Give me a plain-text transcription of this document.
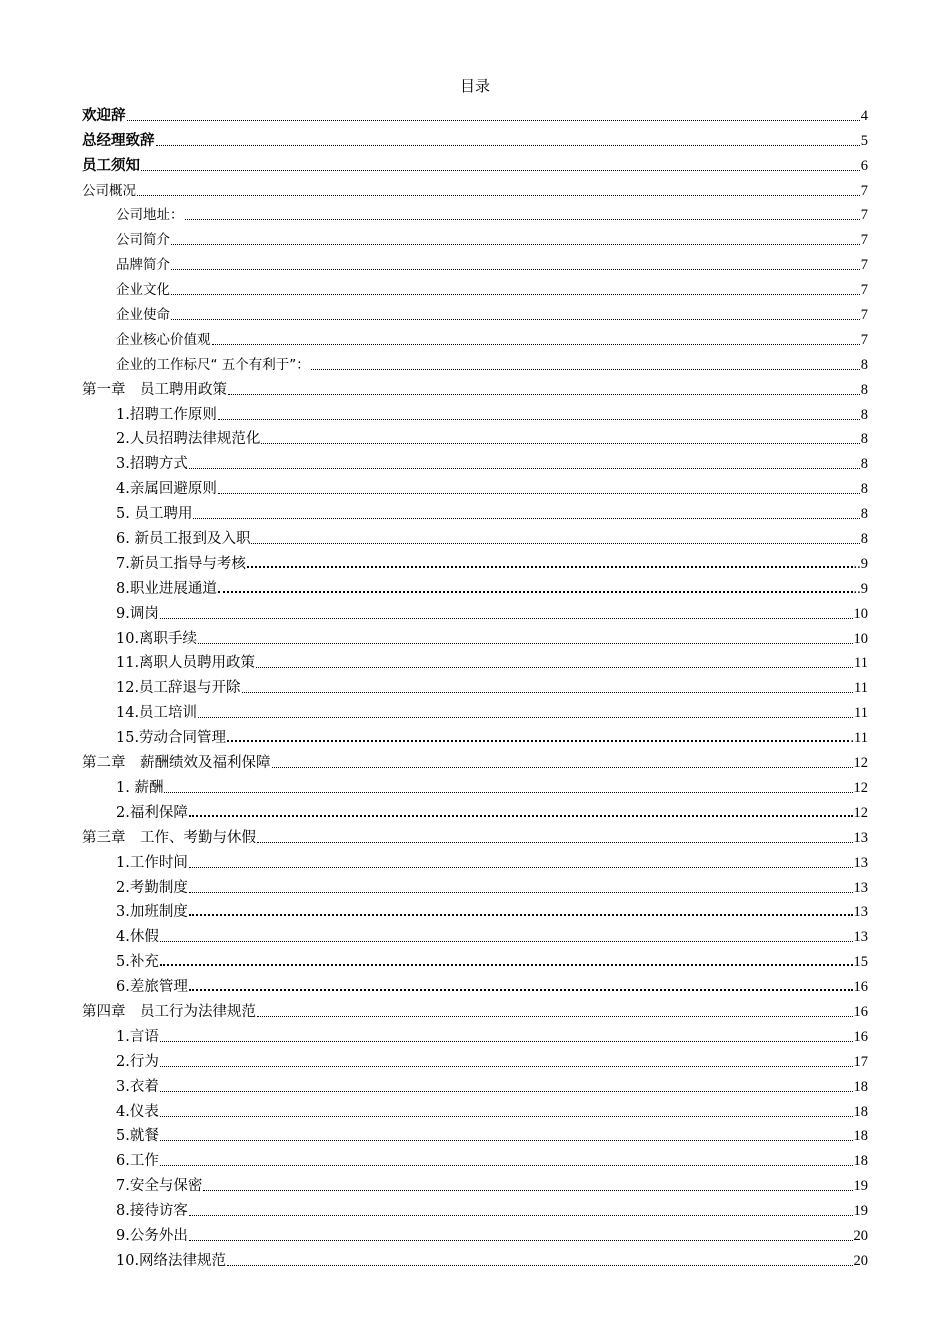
目录
欢迎辞	4
总经理致辞	5
员工须知	6
公司概况	7
公司地址：	7
公司简介	7
品牌简介	7
企业文化	7
企业使命	7
企业核心价值观	7
企业的工作标尺“ 五个有利于”：	8
第一章　员工聘用政策	8
1.招聘工作原则	8
2.人员招聘法律规范化	8
3.招聘方式	8
4.亲属回避原则	8
5. 员工聘用	8
6. 新员工报到及入职	8
7.新员工指导与考核	..9
8.职业进展通道	..9
9.调岗	10
10.离职手续	10
11.离职人员聘用政策	11
12.员工辞退与开除	11
14.员工培训	11
15.劳动合同管理	.11
第二章　薪酬绩效及福利保障	12
1. 薪酬	12
2.福利保障	12
第三章　工作、考勤与休假	13
1.工作时间	13
2.考勤制度	13
3.加班制度	13
4.休假	13
5.补充	15
6.差旅管理	16
第四章　员工行为法律规范	16
1.言语	16
2.行为	17
3.衣着	18
4.仪表	18
5.就餐	18
6.工作	18
7.安全与保密	19
8.接待访客	19
9.公务外出	20
10.网络法律规范	20
